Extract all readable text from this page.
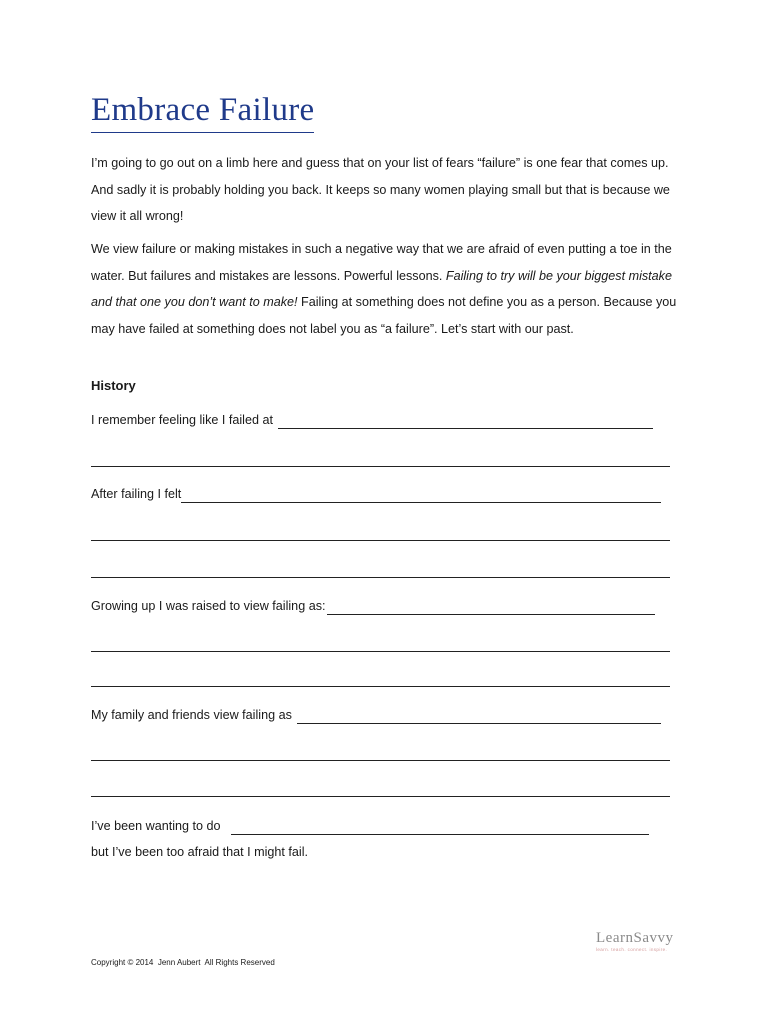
Embrace Failure

I’m going to go out on a limb here and guess that on your list of fears “failure” is one fear that comes up. And sadly it is probably holding you back. It keeps so many women playing small but that is because we view it all wrong!

We view failure or making mistakes in such a negative way that we are afraid of even putting a toe in the water. But failures and mistakes are lessons. Powerful lessons. Failing to try will be your biggest mistake and that one you don’t want to make! Failing at something does not define you as a person. Because you may have failed at something does not label you as “a failure”. Let’s start with our past.

History
I remember feeling like I failed at
After failing I felt
Growing up I was raised to view failing as:
My family and friends view failing as
I’ve been wanting to do
but I’ve been too afraid that I might fail.
Copyright © 2014  Jenn Aubert  All Rights Reserved
LearnSavvy
learn. teach. connect. inspire.
